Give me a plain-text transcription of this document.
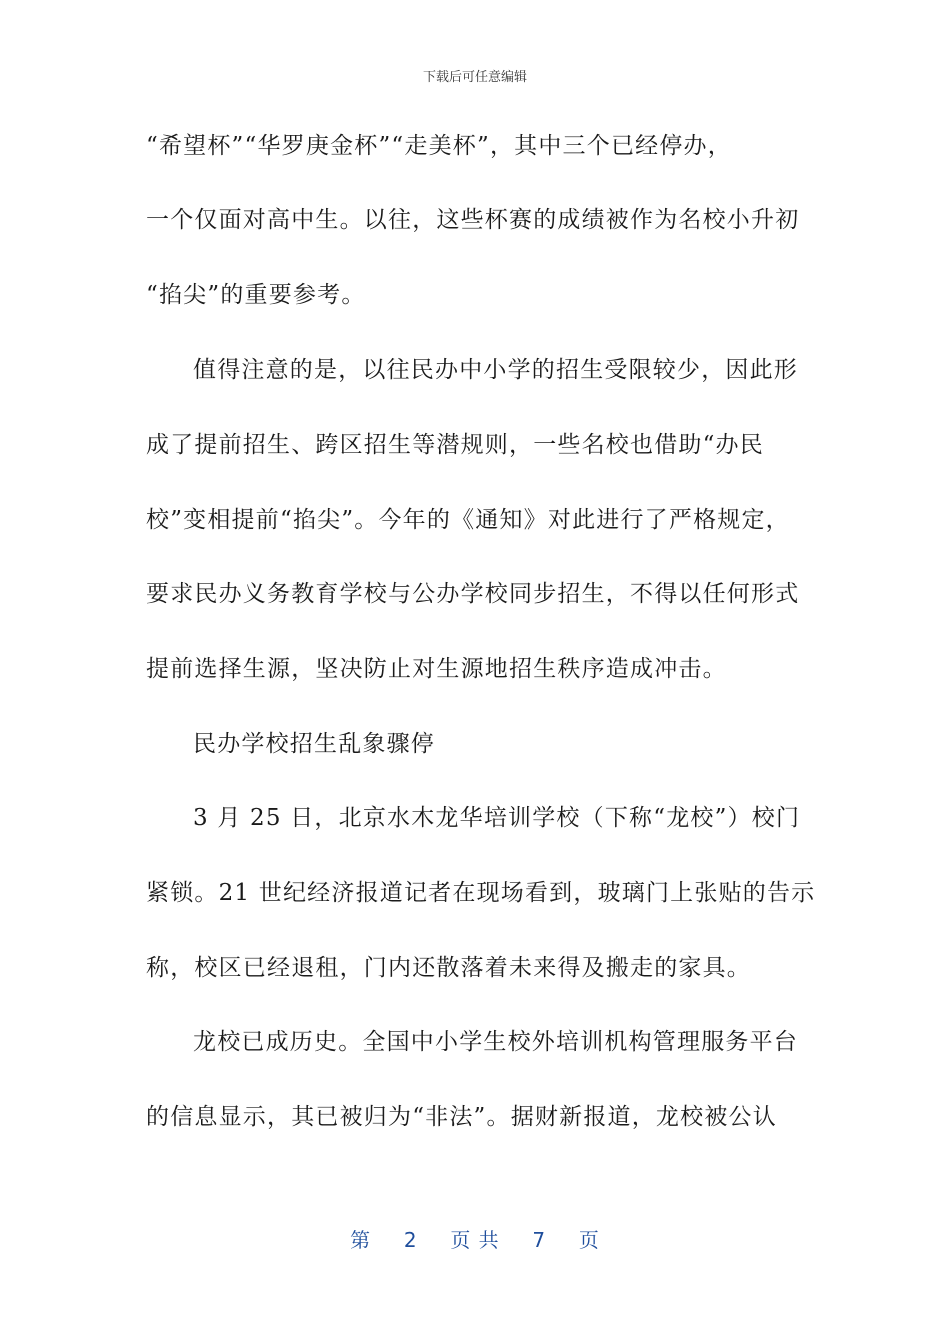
下载后可任意编辑
“希望杯”“华罗庚金杯”“走美杯”，其中三个已经停办，
一个仅面对高中生。以往，这些杯赛的成绩被作为名校小升初
“掐尖”的重要参考。
值得注意的是，以往民办中小学的招生受限较少，因此形
成了提前招生、跨区招生等潜规则，一些名校也借助“办民
校”变相提前“掐尖”。今年的《通知》对此进行了严格规定，
要求民办义务教育学校与公办学校同步招生，不得以任何形式
提前选择生源，坚决防止对生源地招生秩序造成冲击。
民办学校招生乱象骤停
3 月 25 日，北京水木龙华培训学校（下称“龙校”）校门
紧锁。21 世纪经济报道记者在现场看到，玻璃门上张贴的告示
称，校区已经退租，门内还散落着未来得及搬走的家具。
龙校已成历史。全国中小学生校外培训机构管理服务平台
的信息显示，其已被归为“非法”。据财新报道，龙校被公认
第 2 页 共 7 页
